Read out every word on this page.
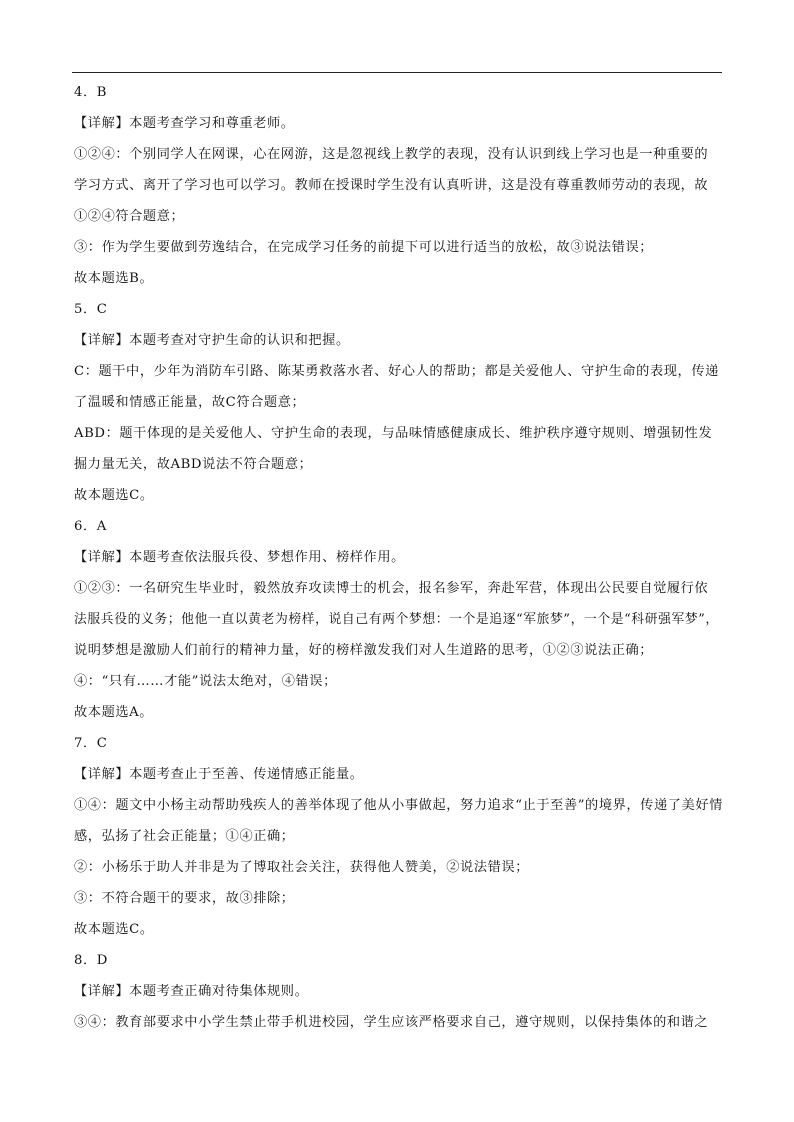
4．B
【详解】本题考查学习和尊重老师。
①②④：个别同学人在网课，心在网游，这是忽视线上教学的表现，没有认识到线上学习也是一种重要的
学习方式、离开了学习也可以学习。教师在授课时学生没有认真听讲，这是没有尊重教师劳动的表现，故
①②④符合题意；
③：作为学生要做到劳逸结合，在完成学习任务的前提下可以进行适当的放松，故③说法错误；
故本题选B。
5．C
【详解】本题考查对守护生命的认识和把握。
C：题干中，少年为消防车引路、陈某勇救落水者、好心人的帮助；都是关爱他人、守护生命的表现，传递
了温暖和情感正能量，故C符合题意；
ABD：题干体现的是关爱他人、守护生命的表现，与品味情感健康成长、维护秩序遵守规则、增强韧性发
掘力量无关，故ABD说法不符合题意；
故本题选C。
6．A
【详解】本题考查依法服兵役、梦想作用、榜样作用。
①②③：一名研究生毕业时，毅然放弃攻读博士的机会，报名参军，奔赴军营，体现出公民要自觉履行依
法服兵役的义务；他他一直以黄老为榜样，说自己有两个梦想：一个是追逐“军旅梦”，一个是“科研强军梦”，
说明梦想是激励人们前行的精神力量，好的榜样激发我们对人生道路的思考，①②③说法正确；
④：“只有……才能”说法太绝对，④错误；
故本题选A。
7．C
【详解】本题考查止于至善、传递情感正能量。
①④：题文中小杨主动帮助残疾人的善举体现了他从小事做起，努力追求“止于至善”的境界，传递了美好情
感，弘扬了社会正能量；①④正确；
②：小杨乐于助人并非是为了博取社会关注，获得他人赞美，②说法错误；
③：不符合题干的要求，故③排除；
故本题选C。
8．D
【详解】本题考查正确对待集体规则。
③④：教育部要求中小学生禁止带手机进校园，学生应该严格要求自己，遵守规则，以保持集体的和谐之
